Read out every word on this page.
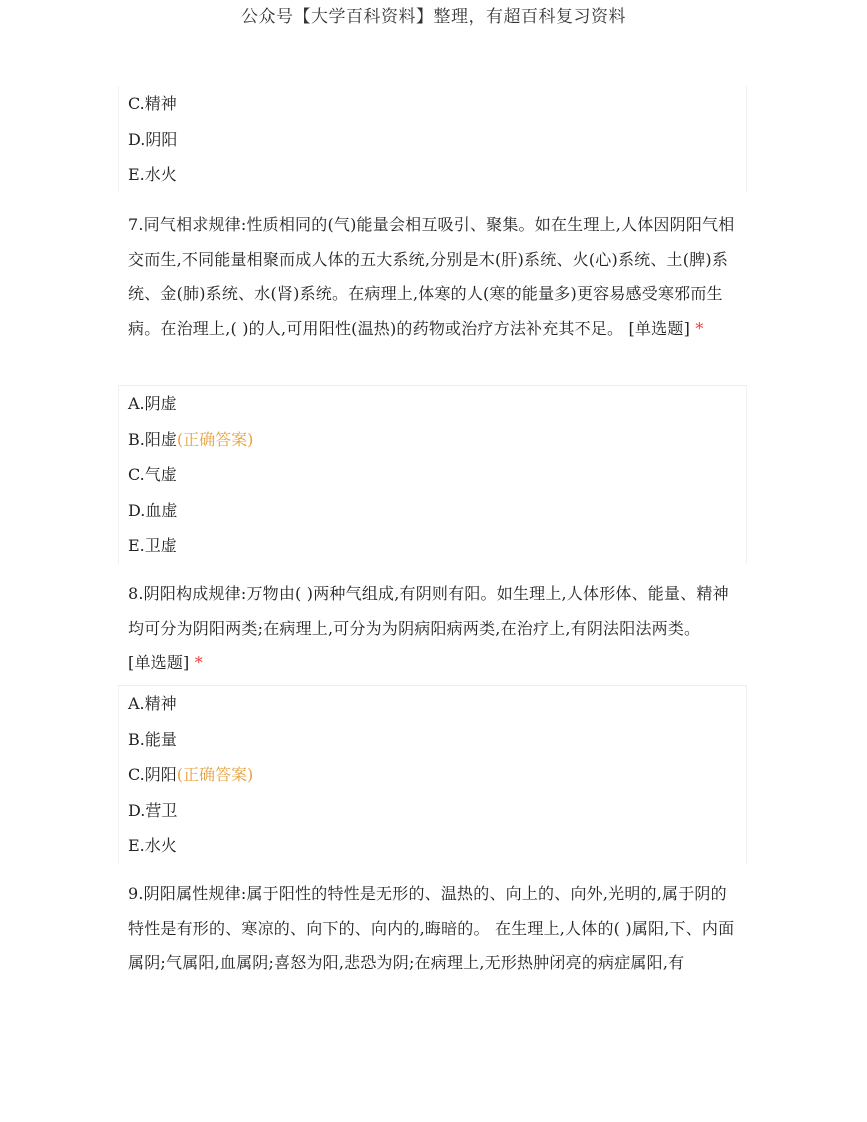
公众号【大学百科资料】整理，有超百科复习资料
C.精神
D.阴阳
E.水火
7.同气相求规律:性质相同的(气)能量会相互吸引、聚集。如在生理上,人体因阴阳气相交而生,不同能量相聚而成人体的五大系统,分别是木(肝)系统、火(心)系统、土(脾)系统、金(肺)系统、水(肾)系统。在病理上,体寒的人(寒的能量多)更容易感受寒邪而生病。在治理上,( )的人,可用阳性(温热)的药物或治疗方法补充其不足。 [单选题] *
A.阴虚
B.阳虚(正确答案)
C.气虚
D.血虚
E.卫虚
8.阴阳构成规律:万物由( )两种气组成,有阴则有阳。如生理上,人体形体、能量、精神均可分为阴阳两类;在病理上,可分为为阴病阳病两类,在治疗上,有阴法阳法两类。 [单选题] *
A.精神
B.能量
C.阴阳(正确答案)
D.营卫
E.水火
9.阴阳属性规律:属于阳性的特性是无形的、温热的、向上的、向外,光明的,属于阴的特性是有形的、寒凉的、向下的、向内的,晦暗的。 在生理上,人体的( )属阳,下、内面属阴;气属阳,血属阴;喜怒为阳,悲恐为阴;在病理上,无形热肿闭亮的病症属阳,有
